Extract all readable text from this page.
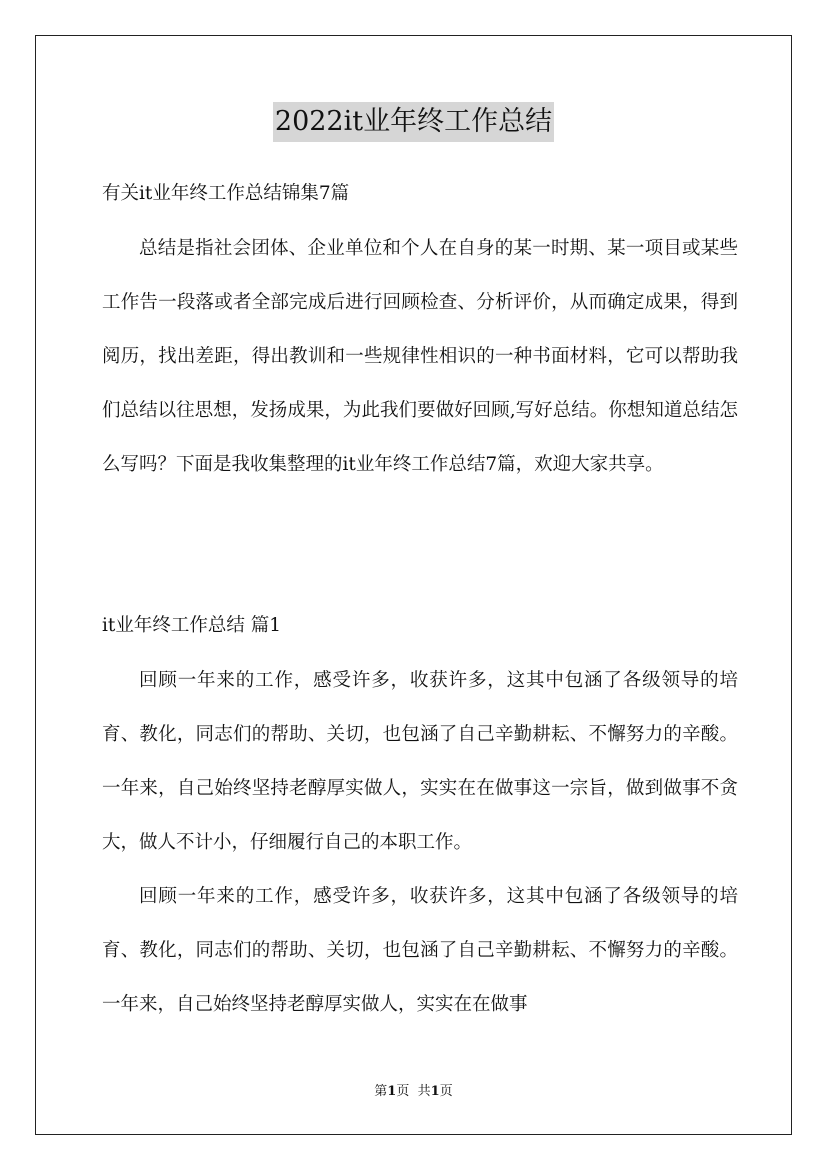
2022it业年终工作总结
有关it业年终工作总结锦集7篇
总结是指社会团体、企业单位和个人在自身的某一时期、某一项目或某些工作告一段落或者全部完成后进行回顾检查、分析评价，从而确定成果，得到阅历，找出差距，得出教训和一些规律性相识的一种书面材料，它可以帮助我们总结以往思想，发扬成果，为此我们要做好回顾,写好总结。你想知道总结怎么写吗？下面是我收集整理的it业年终工作总结7篇，欢迎大家共享。
it业年终工作总结 篇1
回顾一年来的工作，感受许多，收获许多，这其中包涵了各级领导的培育、教化，同志们的帮助、关切，也包涵了自己辛勤耕耘、不懈努力的辛酸。一年来，自己始终坚持老醇厚实做人，实实在在做事这一宗旨，做到做事不贪大，做人不计小，仔细履行自己的本职工作。
回顾一年来的工作，感受许多，收获许多，这其中包涵了各级领导的培育、教化，同志们的帮助、关切，也包涵了自己辛勤耕耘、不懈努力的辛酸。一年来，自己始终坚持老醇厚实做人，实实在在做事
第1页 共1页
